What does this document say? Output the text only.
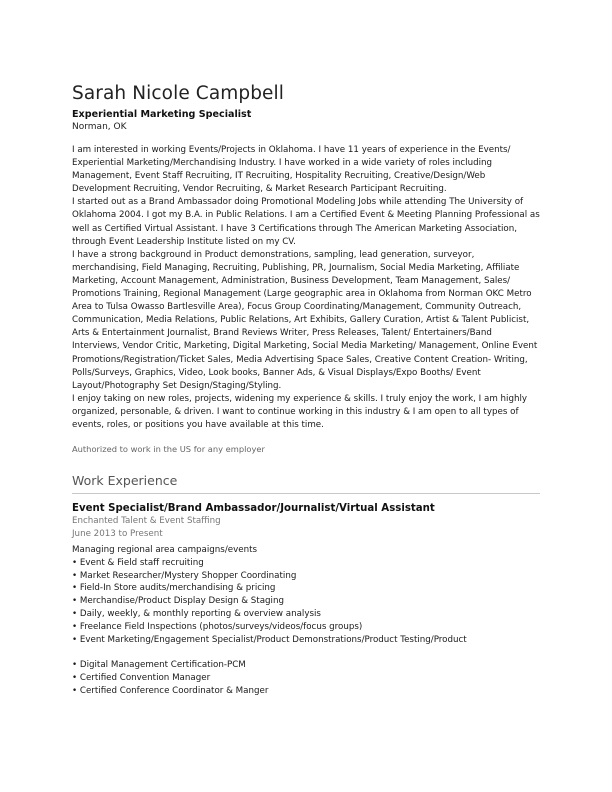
Sarah Nicole Campbell
Experiential Marketing Specialist
Norman, OK

I am interested in working Events/Projects in Oklahoma. I have 11 years of experience in the Events/ Experiential Marketing/Merchandising Industry. I have worked in a wide variety of roles including Management, Event Staff Recruiting, IT Recruiting, Hospitality Recruiting, Creative/Design/Web Development Recruiting, Vendor Recruiting, & Market Research Participant Recruiting.

I started out as a Brand Ambassador doing Promotional Modeling Jobs while attending The University of Oklahoma 2004. I got my B.A. in Public Relations. I am a Certified Event & Meeting Planning Professional as well as Certified Virtual Assistant. I have 3 Certifications through The American Marketing Association, through Event Leadership Institute listed on my CV.

I have a strong background in Product demonstrations, sampling, lead generation, surveyor, merchandising, Field Managing, Recruiting, Publishing, PR, Journalism, Social Media Marketing, Affiliate Marketing, Account Management, Administration, Business Development, Team Management, Sales/ Promotions Training, Regional Management (Large geographic area in Oklahoma from Norman OKC Metro Area to Tulsa Owasso Bartlesville Area), Focus Group Coordinating/Management, Community Outreach, Communication, Media Relations, Public Relations, Art Exhibits, Gallery Curation, Artist & Talent Publicist, Arts & Entertainment Journalist, Brand Reviews Writer, Press Releases, Talent/ Entertainers/Band Interviews, Vendor Critic, Marketing, Digital Marketing, Social Media Marketing/ Management, Online Event Promotions/Registration/Ticket Sales, Media Advertising Space Sales, Creative Content Creation- Writing, Polls/Surveys, Graphics, Video, Look books, Banner Ads, & Visual Displays/Expo Booths/ Event Layout/Photography Set Design/Staging/Styling.

I enjoy taking on new roles, projects, widening my experience & skills. I truly enjoy the work, I am highly organized, personable, & driven. I want to continue working in this industry & I am open to all types of events, roles, or positions you have available at this time.

Authorized to work in the US for any employer
Work Experience
Event Specialist/Brand Ambassador/Journalist/Virtual Assistant
Enchanted Talent & Event Staffing
June 2013 to Present
Managing regional area campaigns/events
• Event & Field staff recruiting
• Market Researcher/Mystery Shopper Coordinating
• Field-In Store audits/merchandising & pricing
• Merchandise/Product Display Design & Staging
• Daily, weekly, & monthly reporting & overview analysis
• Freelance Field Inspections (photos/surveys/videos/focus groups)
• Event Marketing/Engagement Specialist/Product Demonstrations/Product Testing/Product
• Digital Management Certification-PCM
• Certified Convention Manager
• Certified Conference Coordinator & Manger
